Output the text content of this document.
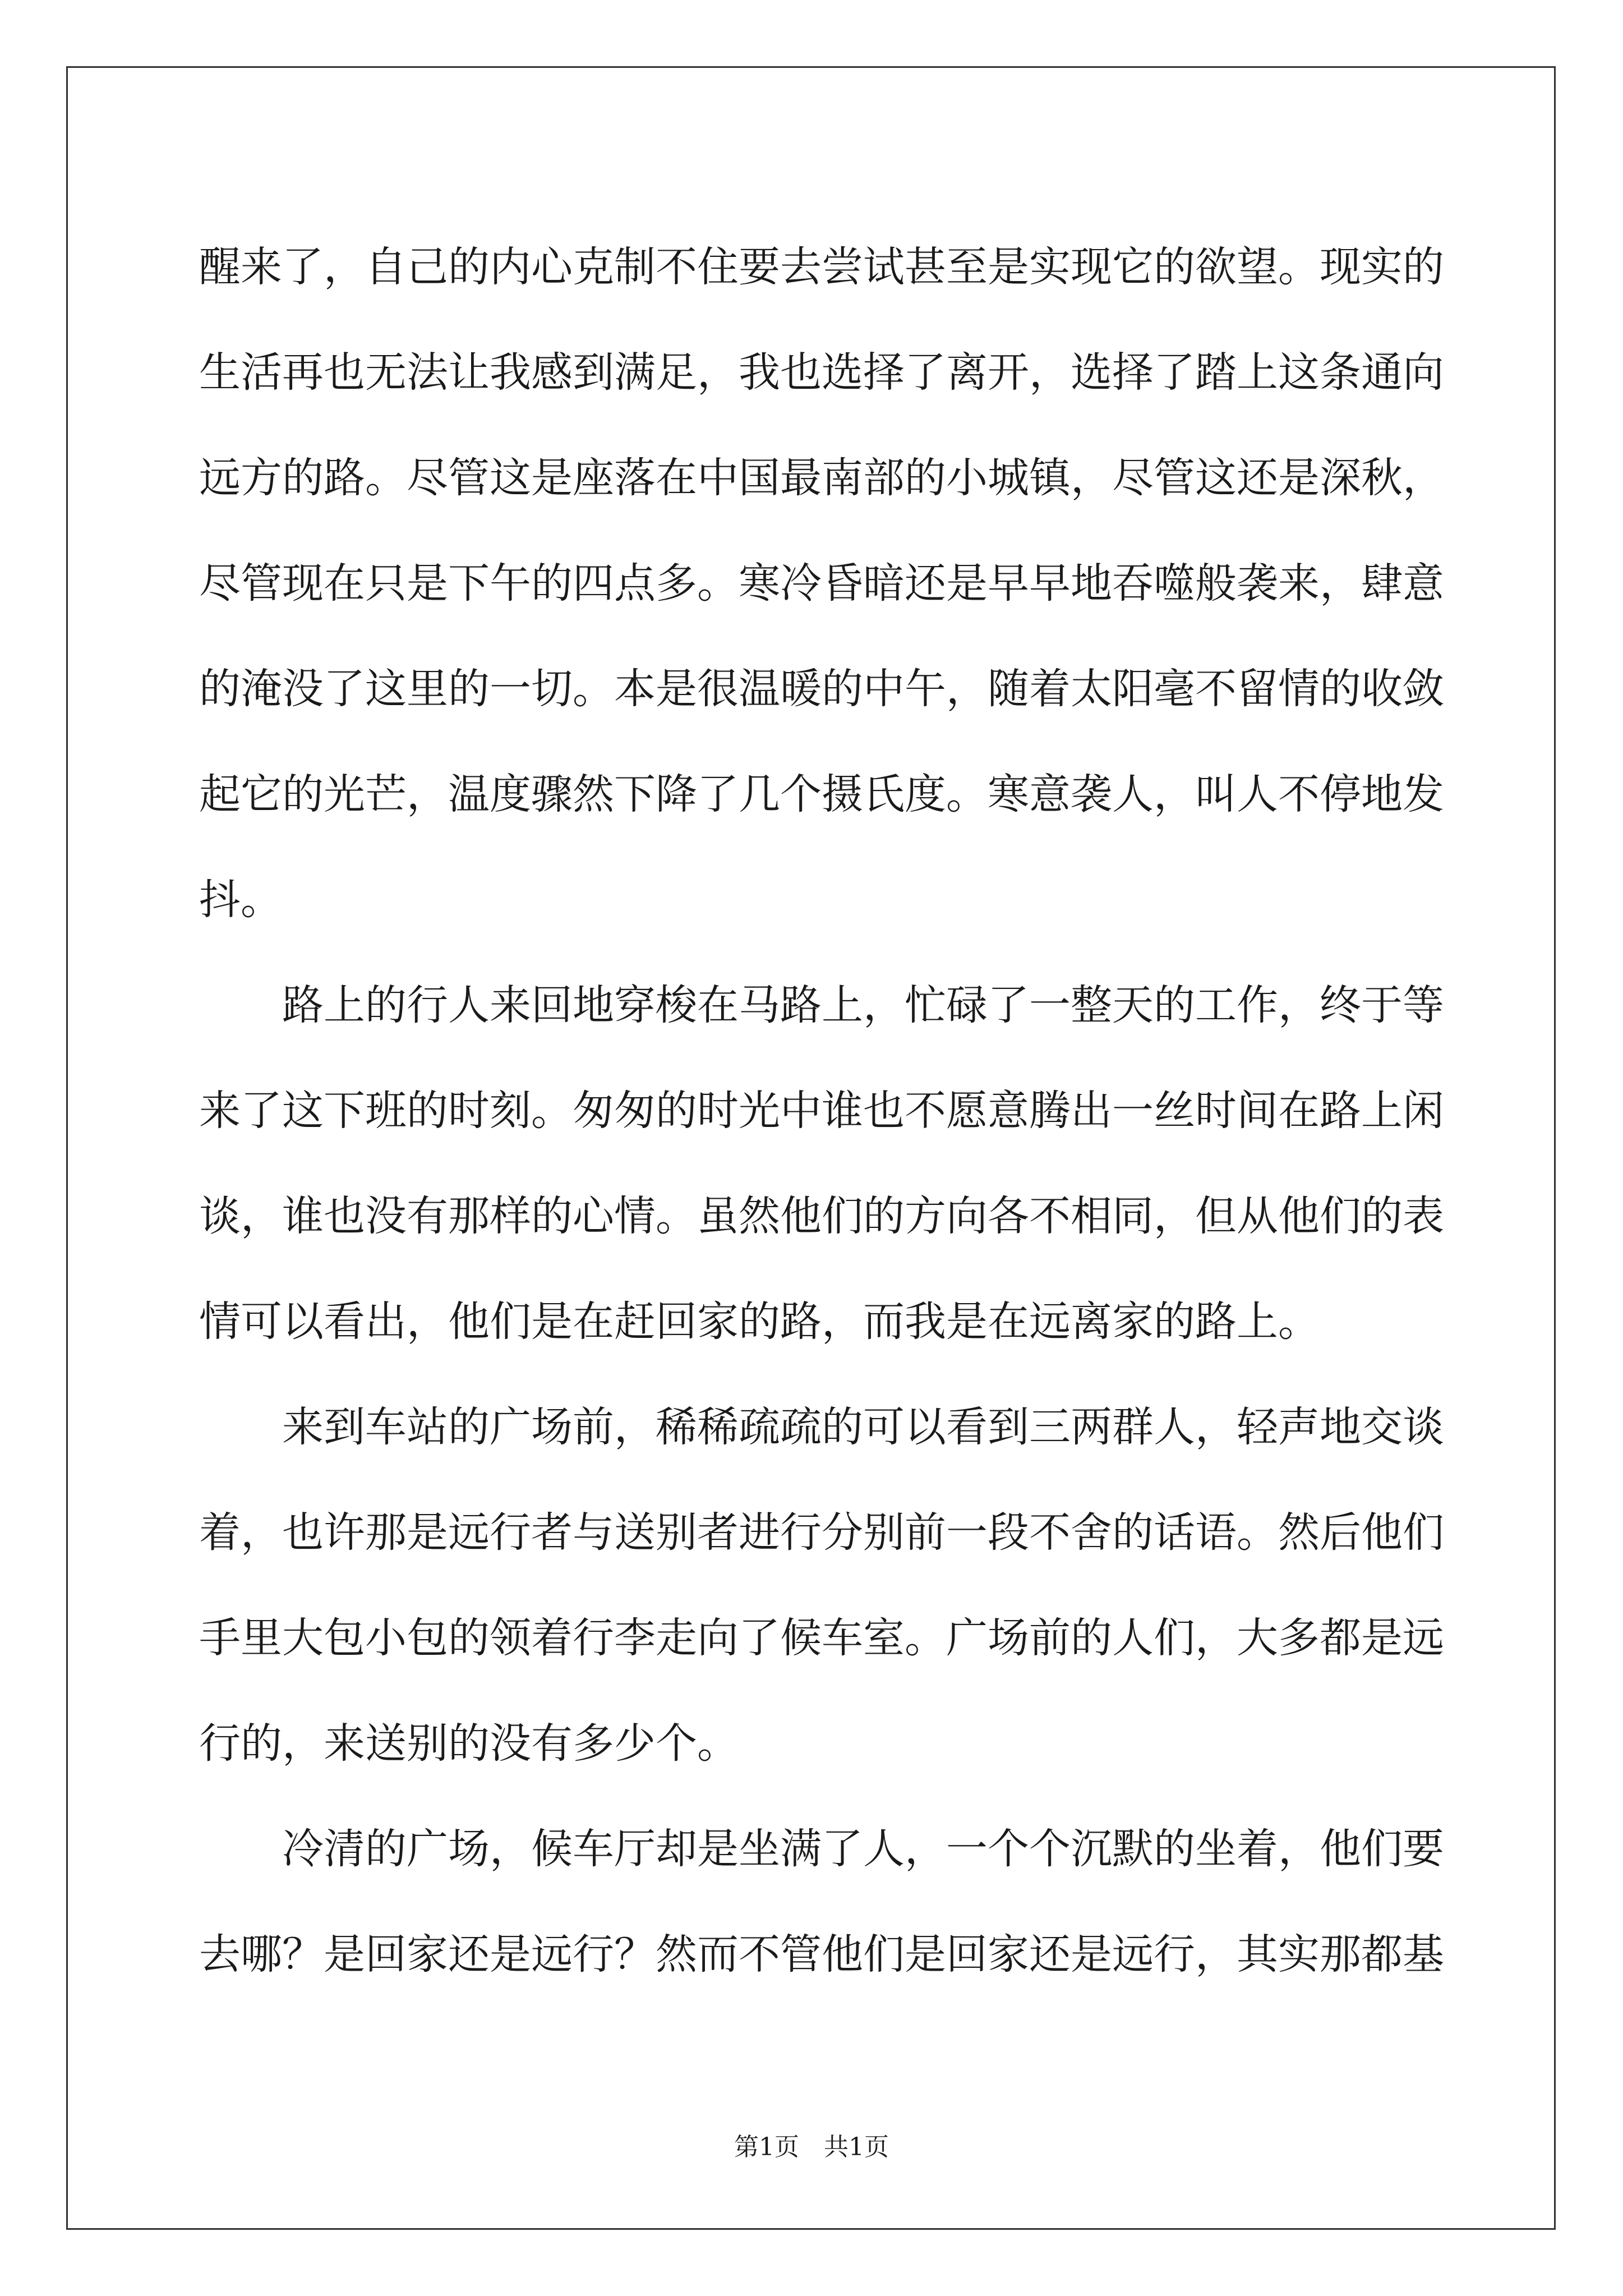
醒来了，自己的内心克制不住要去尝试甚至是实现它的欲望。现实的
生活再也无法让我感到满足，我也选择了离开，选择了踏上这条通向
远方的路。尽管这是座落在中国最南部的小城镇，尽管这还是深秋，
尽管现在只是下午的四点多。寒冷昏暗还是早早地吞噬般袭来，肆意
的淹没了这里的一切。本是很温暖的中午，随着太阳毫不留情的收敛
起它的光芒，温度骤然下降了几个摄氏度。寒意袭人，叫人不停地发
抖。
　　路上的行人来回地穿梭在马路上，忙碌了一整天的工作，终于等
来了这下班的时刻。匆匆的时光中谁也不愿意腾出一丝时间在路上闲
谈，谁也没有那样的心情。虽然他们的方向各不相同，但从他们的表
情可以看出，他们是在赶回家的路，而我是在远离家的路上。
　　来到车站的广场前，稀稀疏疏的可以看到三两群人，轻声地交谈
着，也许那是远行者与送别者进行分别前一段不舍的话语。然后他们
手里大包小包的领着行李走向了候车室。广场前的人们，大多都是远
行的，来送别的没有多少个。
　　冷清的广场，候车厅却是坐满了人，一个个沉默的坐着，他们要
去哪？是回家还是远行？然而不管他们是回家还是远行，其实那都基
第1页 共1页
